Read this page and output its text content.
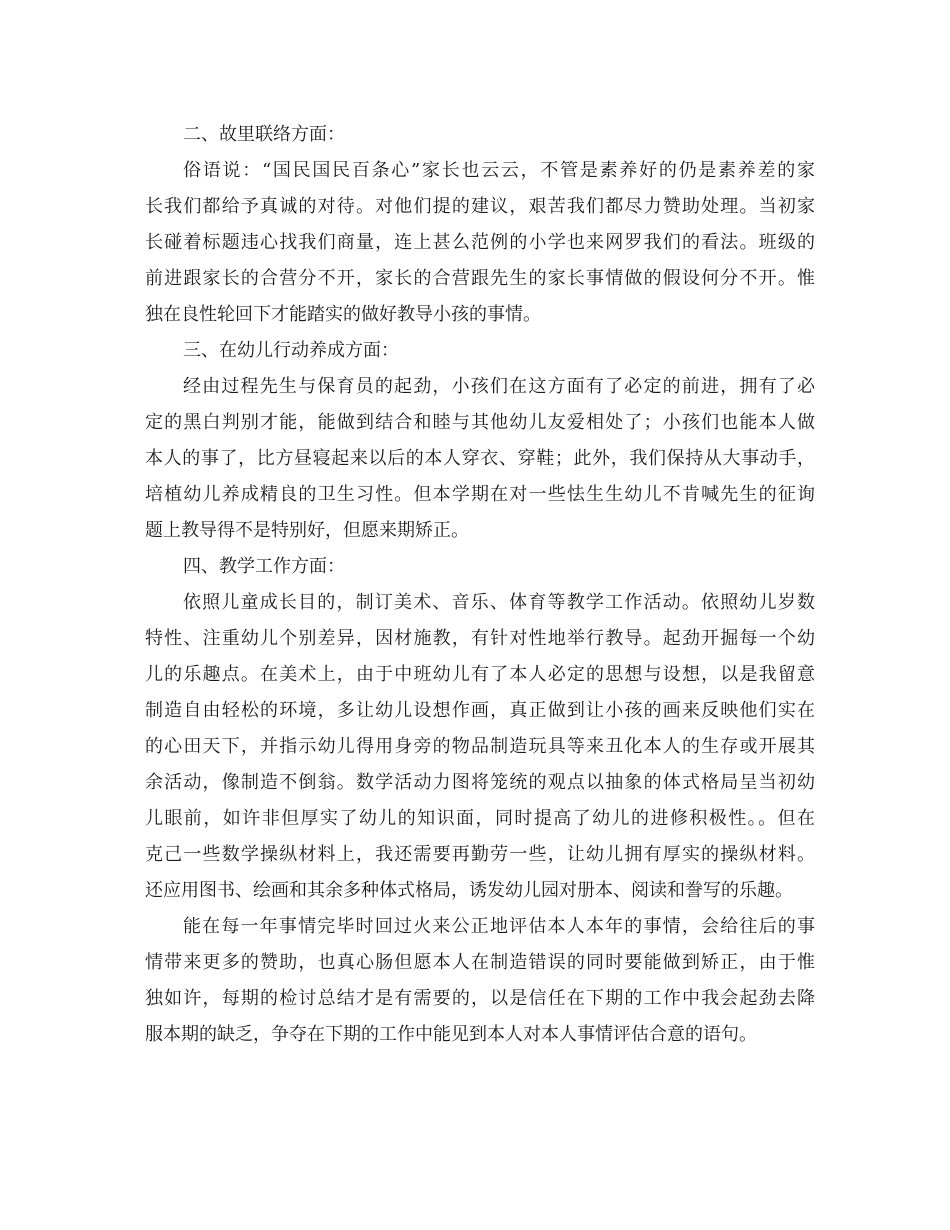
二、故里联络方面：
俗语说：“国民国民百条心”家长也云云，不管是素养好的仍是素养差的家
长我们都给予真诚的对待。对他们提的建议，艰苦我们都尽力赞助处理。当初家
长碰着标题违心找我们商量，连上甚么范例的小学也来网罗我们的看法。班级的
前进跟家长的合营分不开，家长的合营跟先生的家长事情做的假设何分不开。惟
独在良性轮回下才能踏实的做好教导小孩的事情。
三、在幼儿行动养成方面：
经由过程先生与保育员的起劲，小孩们在这方面有了必定的前进，拥有了必
定的黑白判别才能，能做到结合和睦与其他幼儿友爱相处了；小孩们也能本人做
本人的事了，比方昼寝起来以后的本人穿衣、穿鞋；此外，我们保持从大事动手，
培植幼儿养成精良的卫生习性。但本学期在对一些怯生生幼儿不肯喊先生的征询
题上教导得不是特别好，但愿来期矫正。
四、教学工作方面：
依照儿童成长目的，制订美术、音乐、体育等教学工作活动。依照幼儿岁数
特性、注重幼儿个别差异，因材施教，有针对性地举行教导。起劲开掘每一个幼
儿的乐趣点。在美术上，由于中班幼儿有了本人必定的思想与设想，以是我留意
制造自由轻松的环境，多让幼儿设想作画，真正做到让小孩的画来反映他们实在
的心田天下，并指示幼儿得用身旁的物品制造玩具等来丑化本人的生存或开展其
余活动，像制造不倒翁。数学活动力图将笼统的观点以抽象的体式格局呈当初幼
儿眼前，如许非但厚实了幼儿的知识面，同时提高了幼儿的进修积极性。。但在
克己一些数学操纵材料上，我还需要再勤劳一些，让幼儿拥有厚实的操纵材料。
还应用图书、绘画和其余多种体式格局，诱发幼儿园对册本、阅读和誊写的乐趣。
能在每一年事情完毕时回过火来公正地评估本人本年的事情，会给往后的事
情带来更多的赞助，也真心肠但愿本人在制造错误的同时要能做到矫正，由于惟
独如许，每期的检讨总结才是有需要的，以是信任在下期的工作中我会起劲去降
服本期的缺乏，争夺在下期的工作中能见到本人对本人事情评估合意的语句。
